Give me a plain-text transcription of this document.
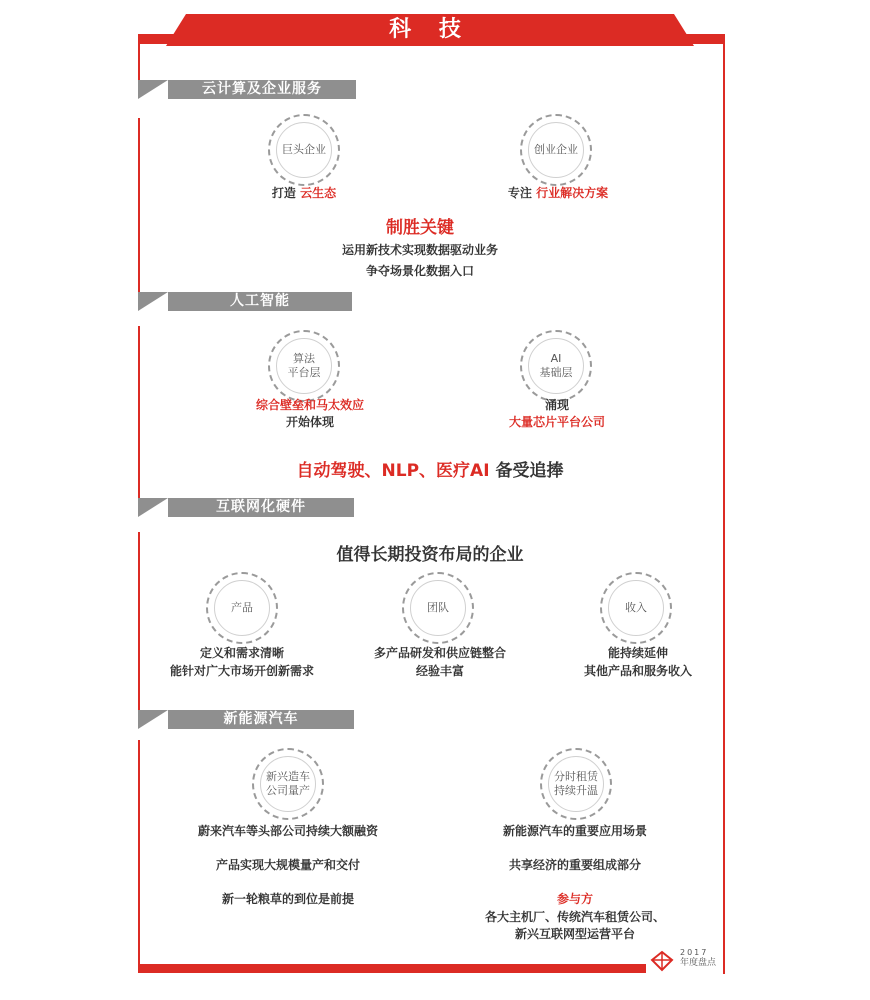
科 技
云计算及企业服务
巨头企业	创业企业
打造 云生态	专注 行业解决方案
制胜关键
运用新技术实现数据驱动业务
争夺场景化数据入口
人工智能
算法
平台层
AI
基础层
综合壁垒和马太效应
开始体现
涌现
大量芯片平台公司
自动驾驶、NLP、医疗AI 备受追捧
互联网化硬件
值得长期投资布局的企业
产品	团队	收入
定义和需求清晰
能针对广大市场开创新需求
多产品研发和供应链整合
经验丰富
能持续延伸
其他产品和服务收入
新能源汽车
新兴造车
公司量产
分时租赁
持续升温
蔚来汽车等头部公司持续大额融资
产品实现大规模量产和交付
新一轮粮草的到位是前提
新能源汽车的重要应用场景
共享经济的重要组成部分
参与方
各大主机厂、传统汽车租赁公司、
新兴互联网型运营平台
2017
年度盘点
